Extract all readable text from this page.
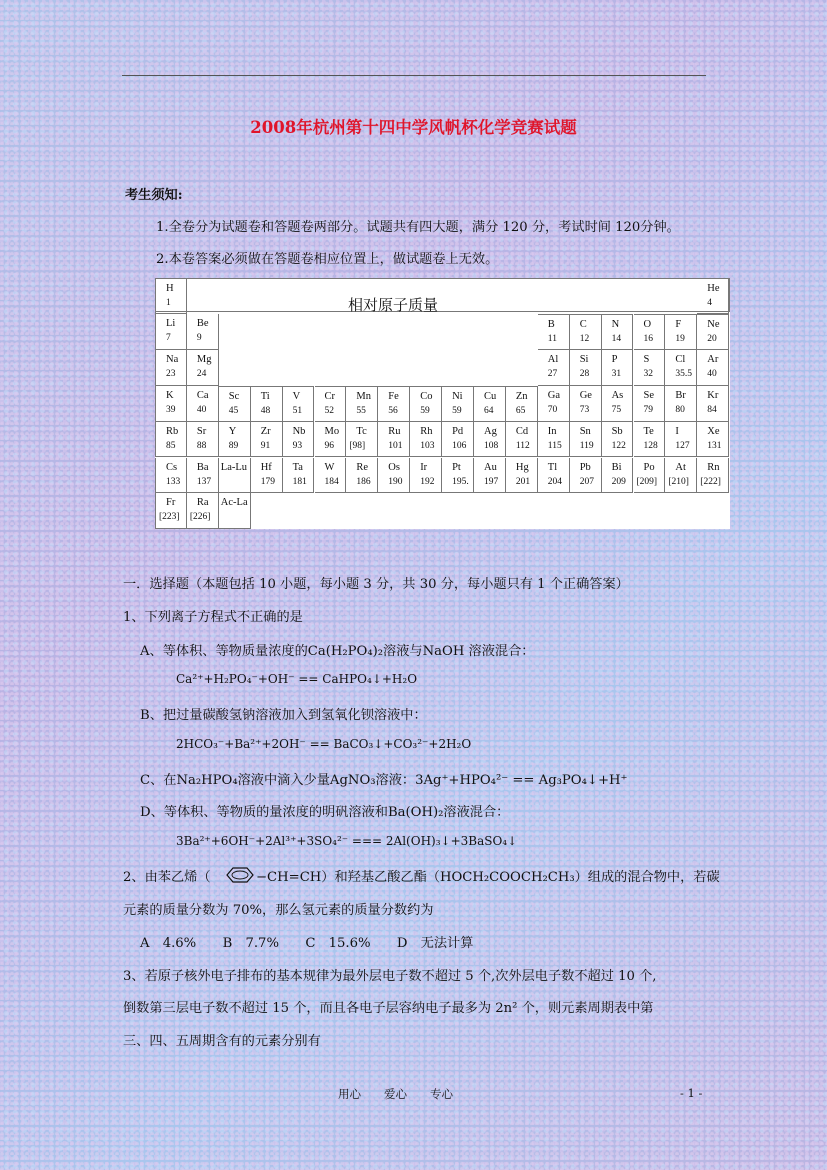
2008年杭州第十四中学风帆杯化学竞赛试题
考生须知:
1.全卷分为试题卷和答题卷两部分。试题共有四大题，满分 120 分，考试时间 120分钟。
2.本卷答案必须做在答题卷相应位置上，做试题卷上无效。
相对原子质量
H
1
He
4
Li
7
Be
9
B
11
C
12
N
14
O
16
F
19
Ne
20
Na
23
Mg
24
Al
27
Si
28
P
31
S
32
Cl
35.5
Ar
40
K
39
Ca
40
Sc
45
Ti
48
V
51
Cr
52
Mn
55
Fe
56
Co
59
Ni
59
Cu
64
Zn
65
Ga
70
Ge
73
As
75
Se
79
Br
80
Kr
84
Rb
85
Sr
88
Y
89
Zr
91
Nb
93
Mo
96
Tc
[98]
Ru
101
Rh
103
Pd
106
Ag
108
Cd
112
In
115
Sn
119
Sb
122
Te
128
I
127
Xe
131
Cs
133
Ba
137
La-Lu Hf
179
Ta
181
W
184
Re
186
Os
190
Ir
192
Pt
195.
Au
197
Hg
201
Tl
204
Pb
207
Bi
209
Po
[209]
At
[210]
Rn
[222]
Fr
[223]
Ra
[226]
Ac-La
一．选择题（本题包括 10 小题，每小题 3 分，共 30 分，每小题只有 1 个正确答案）
1、下列离子方程式不正确的是
A、等体积、等物质量浓度的Ca(H₂PO₄)₂溶液与NaOH 溶液混合：
Ca²⁺+H₂PO₄⁻+OH⁻ == CaHPO₄↓+H₂O
B、把过量碳酸氢钠溶液加入到氢氧化钡溶液中：
2HCO₃⁻+Ba²⁺+2OH⁻ == BaCO₃↓+CO₃²⁻+2H₂O
C、在Na₂HPO₄溶液中滴入少量AgNO₃溶液：3Ag⁺+HPO₄²⁻ == Ag₃PO₄↓+H⁺
D、等体积、等物质的量浓度的明矾溶液和Ba(OH)₂溶液混合：
3Ba²⁺+6OH⁻+2Al³⁺+3SO₄²⁻ === 2Al(OH)₃↓+3BaSO₄↓
2、由苯乙烯（	−CH=CH）和羟基乙酸乙酯（HOCH₂COOCH₂CH₃）组成的混合物中，若碳
元素的质量分数为 70%，那么氢元素的质量分数约为
A　4.6%　　B　7.7%　　C　15.6%　　D　无法计算
3、若原子核外电子排布的基本规律为最外层电子数不超过 5 个,次外层电子数不超过 10 个,
倒数第三层电子数不超过 15 个，而且各电子层容纳电子最多为 2n² 个，则元素周期表中第
三、四、五周期含有的元素分别有
用心　　爱心　　专心	- 1 -
